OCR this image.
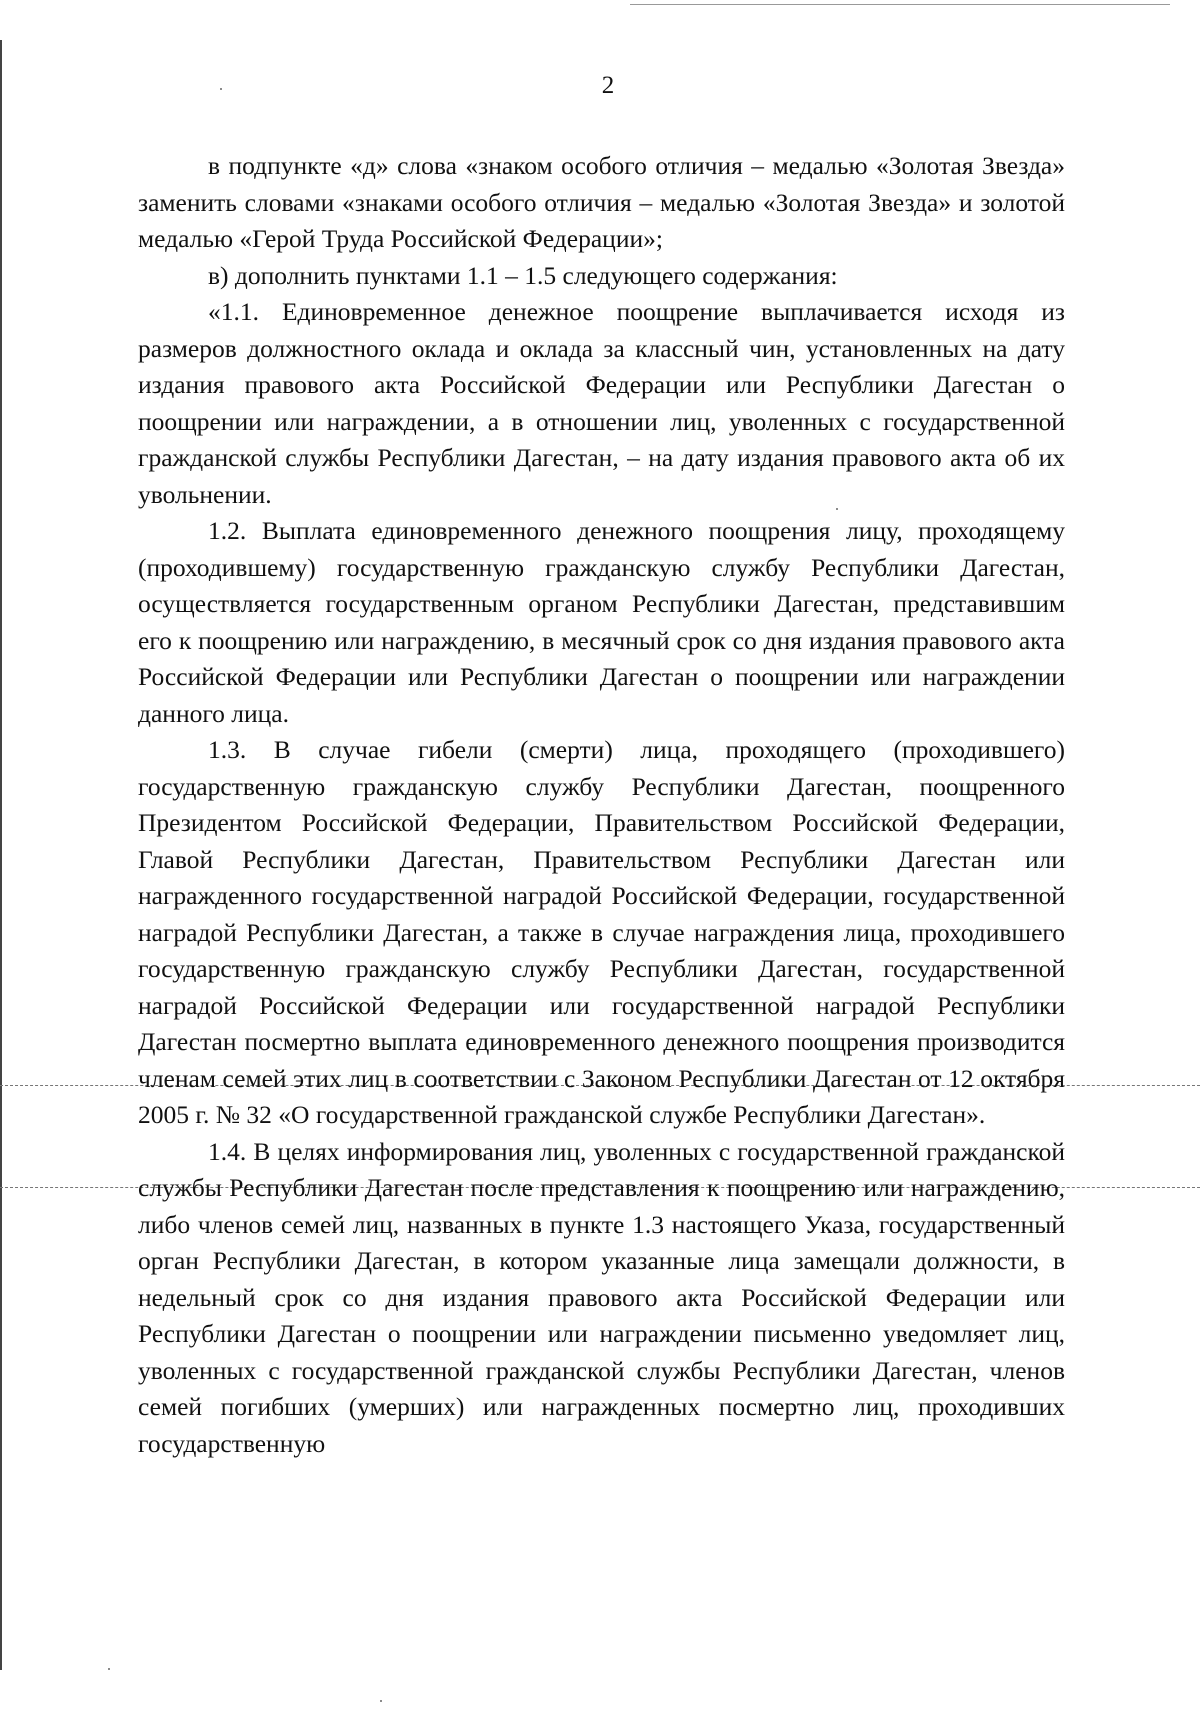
2

в подпункте «д» слова «знаком особого отличия – медалью «Золотая Звезда» заменить словами «знаками особого отличия – медалью «Золотая Звезда» и золотой медалью «Герой Труда Российской Федерации»;

в) дополнить пунктами 1.1 – 1.5 следующего содержания:

«1.1. Единовременное денежное поощрение выплачивается исходя из размеров должностного оклада и оклада за классный чин, установленных на дату издания правового акта Российской Федерации или Республики Дагестан о поощрении или награждении, а в отношении лиц, уволенных с государственной гражданской службы Республики Дагестан, – на дату издания правового акта об их увольнении.

1.2. Выплата единовременного денежного поощрения лицу, проходящему (проходившему) государственную гражданскую службу Республики Дагестан, осуществляется государственным органом Республики Дагестан, представившим его к поощрению или награждению, в месячный срок со дня издания правового акта Российской Федерации или Республики Дагестан о поощрении или награждении данного лица.

1.3. В случае гибели (смерти) лица, проходящего (проходившего) государственную гражданскую службу Республики Дагестан, поощренного Президентом Российской Федерации, Правительством Российской Федерации, Главой Республики Дагестан, Правительством Республики Дагестан или награжденного государственной наградой Российской Федерации, государственной наградой Республики Дагестан, а также в случае награждения лица, проходившего государственную гражданскую службу Республики Дагестан, государственной наградой Российской Федерации или государственной наградой Республики Дагестан посмертно выплата единовременного денежного поощрения производится членам семей этих лиц в соответствии с Законом Республики Дагестан от 12 октября 2005 г. № 32 «О государственной гражданской службе Республики Дагестан».

1.4. В целях информирования лиц, уволенных с государственной гражданской службы Республики Дагестан после представления к поощрению или награждению, либо членов семей лиц, названных в пункте 1.3 настоящего Указа, государственный орган Республики Дагестан, в котором указанные лица замещали должности, в недельный срок со дня издания правового акта Российской Федерации или Республики Дагестан о поощрении или награждении письменно уведомляет лиц, уволенных с государственной гражданской службы Республики Дагестан, членов семей погибших (умерших) или награжденных посмертно лиц, проходивших государственную
